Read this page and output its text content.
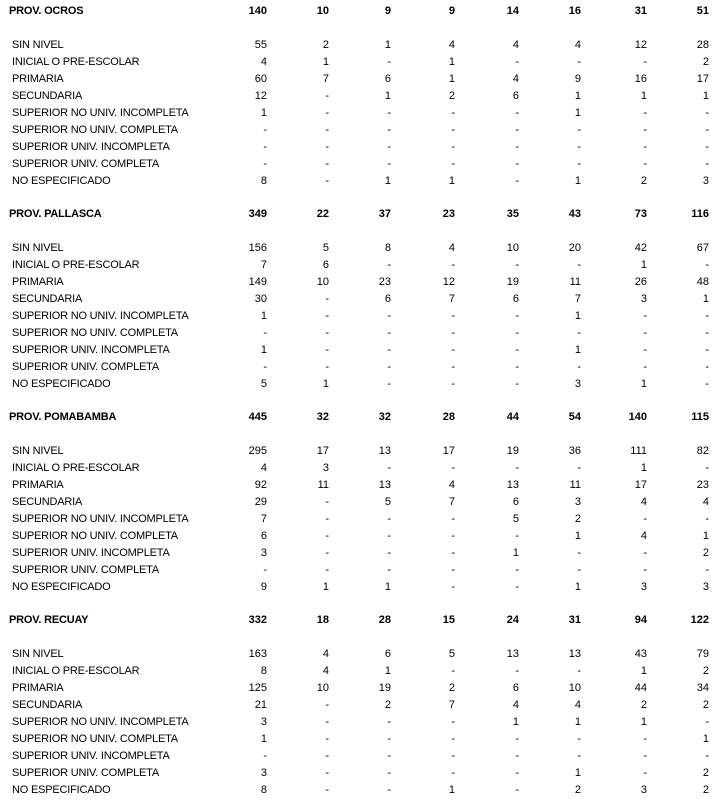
PROV. OCROS	140	10	9	9	14	16	31	51
SIN NIVEL	55	2	1	4	4	4	12	28
INICIAL O PRE-ESCOLAR	4	1	-	1	-	-	-	2
PRIMARIA	60	7	6	1	4	9	16	17
SECUNDARIA	12	-	1	2	6	1	1	1
SUPERIOR NO UNIV. INCOMPLETA	1	-	-	-	-	1	-	-
SUPERIOR NO UNIV. COMPLETA	-	-	-	-	-	-	-	-
SUPERIOR UNIV. INCOMPLETA	-	-	-	-	-	-	-	-
SUPERIOR UNIV. COMPLETA	-	-	-	-	-	-	-	-
NO ESPECIFICADO	8	-	1	1	-	1	2	3
PROV. PALLASCA	349	22	37	23	35	43	73	116
SIN NIVEL	156	5	8	4	10	20	42	67
INICIAL O PRE-ESCOLAR	7	6	-	-	-	-	1	-
PRIMARIA	149	10	23	12	19	11	26	48
SECUNDARIA	30	-	6	7	6	7	3	1
SUPERIOR NO UNIV. INCOMPLETA	1	-	-	-	-	1	-	-
SUPERIOR NO UNIV. COMPLETA	-	-	-	-	-	-	-	-
SUPERIOR UNIV. INCOMPLETA	1	-	-	-	-	1	-	-
SUPERIOR UNIV. COMPLETA	-	-	-	-	-	-	-	-
NO ESPECIFICADO	5	1	-	-	-	3	1	-
PROV. POMABAMBA	445	32	32	28	44	54	140	115
SIN NIVEL	295	17	13	17	19	36	111	82
INICIAL O PRE-ESCOLAR	4	3	-	-	-	-	1	-
PRIMARIA	92	11	13	4	13	11	17	23
SECUNDARIA	29	-	5	7	6	3	4	4
SUPERIOR NO UNIV. INCOMPLETA	7	-	-	-	5	2	-	-
SUPERIOR NO UNIV. COMPLETA	6	-	-	-	-	1	4	1
SUPERIOR UNIV. INCOMPLETA	3	-	-	-	1	-	-	2
SUPERIOR UNIV. COMPLETA	-	-	-	-	-	-	-	-
NO ESPECIFICADO	9	1	1	-	-	1	3	3
PROV. RECUAY	332	18	28	15	24	31	94	122
SIN NIVEL	163	4	6	5	13	13	43	79
INICIAL O PRE-ESCOLAR	8	4	1	-	-	-	1	2
PRIMARIA	125	10	19	2	6	10	44	34
SECUNDARIA	21	-	2	7	4	4	2	2
SUPERIOR NO UNIV. INCOMPLETA	3	-	-	-	1	1	1	-
SUPERIOR NO UNIV. COMPLETA	1	-	-	-	-	-	-	1
SUPERIOR UNIV. INCOMPLETA	-	-	-	-	-	-	-	-
SUPERIOR UNIV. COMPLETA	3	-	-	-	-	1	-	2
NO ESPECIFICADO	8	-	-	1	-	2	3	2
